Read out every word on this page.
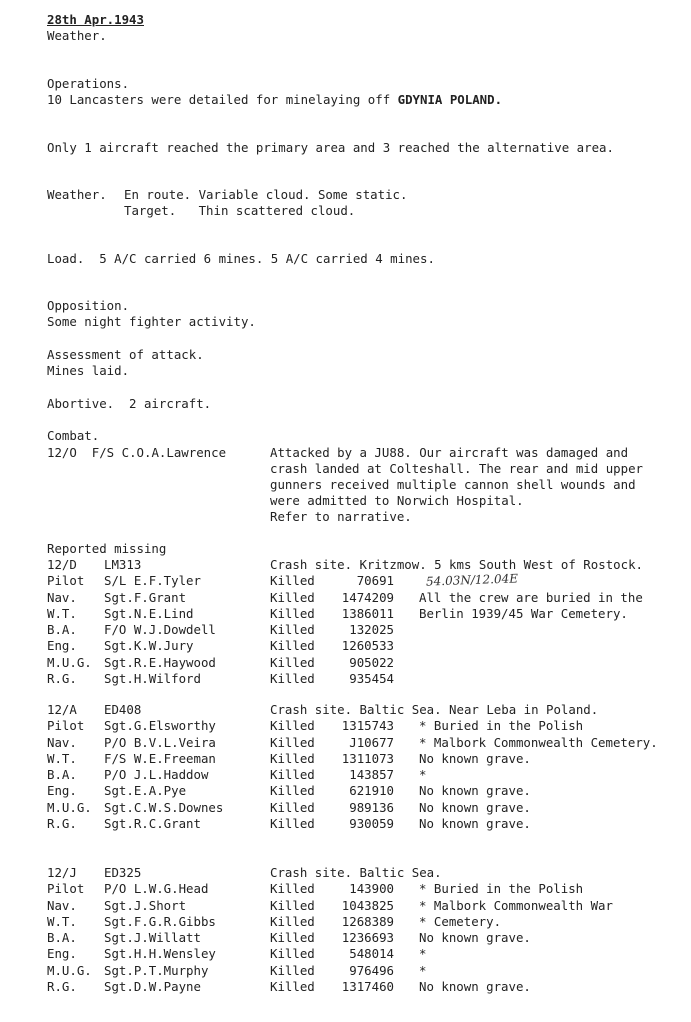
28th Apr.1943
Weather.
Operations.
10 Lancasters were detailed for minelaying off GDYNIA POLAND.
Only 1 aircraft reached the primary area and 3 reached the alternative area.
Weather. En route. Variable cloud. Some static.
Target.   Thin scattered cloud.
Load.  5 A/C carried 6 mines. 5 A/C carried 4 mines.
Opposition.
Some night fighter activity.
Assessment of attack.
Mines laid.
Abortive.  2 aircraft.
Combat.
12/O F/S C.O.A.Lawrence	Attacked by a JU88. Our aircraft was damaged and crash landed at Colteshall. The rear and mid upper gunners received multiple cannon shell wounds and were admitted to Norwich Hospital.
Refer to narrative.
Reported missing
54.03N/12.04E
12/D LM313	Crash site. Kritzmow. 5 kms South West of Rostock.
Pilot S/L E.F.Tyler	Killed	70691
Nav. Sgt.F.Grant	Killed	1474209 All the crew are buried in the
W.T. Sgt.N.E.Lind	Killed	1386011 Berlin 1939/45 War Cemetery.
B.A. F/O W.J.Dowdell	Killed	132025
Eng. Sgt.K.W.Jury	Killed	1260533
M.U.G. Sgt.R.E.Haywood	Killed	905022
R.G. Sgt.H.Wilford	Killed	935454
12/A ED408	Crash site. Baltic Sea. Near Leba in Poland.
Pilot Sgt.G.Elsworthy	Killed	1315743 * Buried in the Polish
Nav. P/O B.V.L.Veira	Killed	J10677 * Malbork Commonwealth Cemetery.
W.T. F/S W.E.Freeman	Killed	1311073 No known grave.
B.A. P/O J.L.Haddow	Killed	143857 *
Eng. Sgt.E.A.Pye	Killed	621910 No known grave.
M.U.G. Sgt.C.W.S.Downes	Killed	989136 No known grave.
R.G. Sgt.R.C.Grant	Killed	930059 No known grave.
12/J ED325	Crash site. Baltic Sea.
Pilot P/O L.W.G.Head	Killed	143900 * Buried in the Polish
Nav. Sgt.J.Short	Killed	1043825 * Malbork Commonwealth War
W.T. Sgt.F.G.R.Gibbs	Killed	1268389 * Cemetery.
B.A. Sgt.J.Willatt	Killed	1236693 No known grave.
Eng. Sgt.H.H.Wensley	Killed	548014 *
M.U.G. Sgt.P.T.Murphy	Killed	976496 *
R.G. Sgt.D.W.Payne	Killed	1317460 No known grave.
